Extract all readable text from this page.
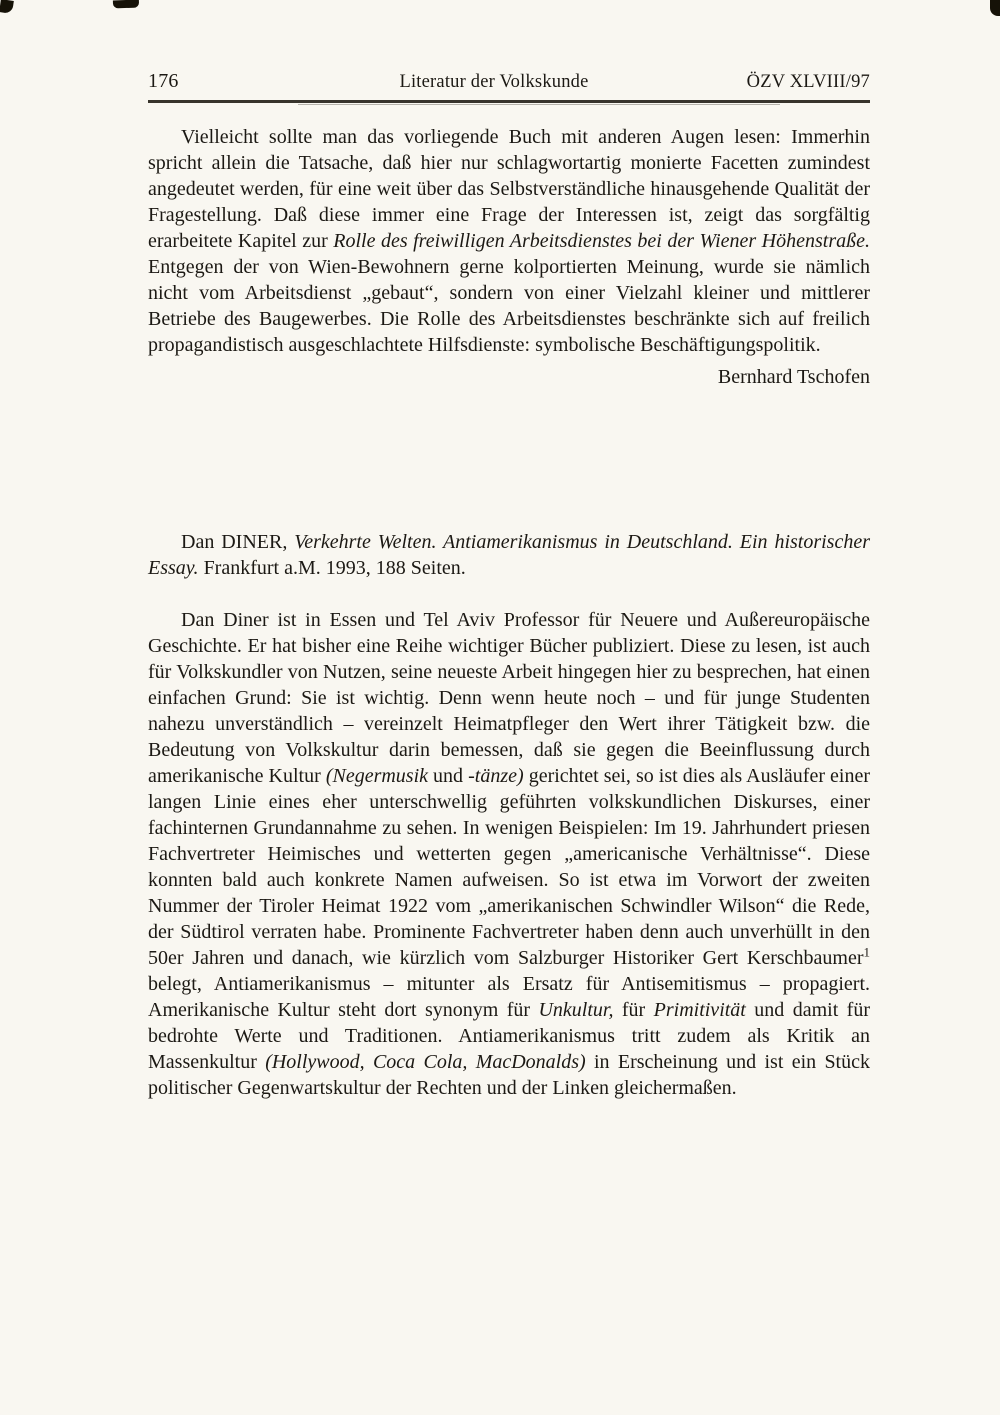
176	Literatur der Volkskunde	ÖZV XLVIII/97

Vielleicht sollte man das vorliegende Buch mit anderen Augen lesen: Immerhin spricht allein die Tatsache, daß hier nur schlagwortartig monierte Facetten zumindest angedeutet werden, für eine weit über das Selbstverständliche hinausgehende Qualität der Fragestellung. Daß diese immer eine Frage der Interessen ist, zeigt das sorgfältig erarbeitete Kapitel zur Rolle des freiwilligen Arbeitsdienstes bei der Wiener Höhenstraße. Entgegen der von Wien-Bewohnern gerne kolportierten Meinung, wurde sie nämlich nicht vom Arbeitsdienst „gebaut“, sondern von einer Vielzahl kleiner und mittlerer Betriebe des Baugewerbes. Die Rolle des Arbeitsdienstes beschränkte sich auf freilich propagandistisch ausgeschlachtete Hilfsdienste: symbolische Beschäftigungspolitik.

Bernhard Tschofen

Dan DINER, Verkehrte Welten. Antiamerikanismus in Deutschland. Ein historischer Essay. Frankfurt a.M. 1993, 188 Seiten.

Dan Diner ist in Essen und Tel Aviv Professor für Neuere und Außereuropäische Geschichte. Er hat bisher eine Reihe wichtiger Bücher publiziert. Diese zu lesen, ist auch für Volkskundler von Nutzen, seine neueste Arbeit hingegen hier zu besprechen, hat einen einfachen Grund: Sie ist wichtig. Denn wenn heute noch – und für junge Studenten nahezu unverständlich – vereinzelt Heimatpfleger den Wert ihrer Tätigkeit bzw. die Bedeutung von Volkskultur darin bemessen, daß sie gegen die Beeinflussung durch amerikanische Kultur (Negermusik und -tänze) gerichtet sei, so ist dies als Ausläufer einer langen Linie eines eher unterschwellig geführten volkskundlichen Diskurses, einer fachinternen Grundannahme zu sehen. In wenigen Beispielen: Im 19. Jahrhundert priesen Fachvertreter Heimisches und wetterten gegen „americanische Verhältnisse“. Diese konnten bald auch konkrete Namen aufweisen. So ist etwa im Vorwort der zweiten Nummer der Tiroler Heimat 1922 vom „amerikanischen Schwindler Wilson“ die Rede, der Südtirol verraten habe. Prominente Fachvertreter haben denn auch unverhüllt in den 50er Jahren und danach, wie kürzlich vom Salzburger Historiker Gert Kerschbaumer$^1$ belegt, Antiamerikanismus – mitunter als Ersatz für Antisemitismus – propagiert. Amerikanische Kultur steht dort synonym für Unkultur, für Primitivität und damit für bedrohte Werte und Traditionen. Antiamerikanismus tritt zudem als Kritik an Massenkultur (Hollywood, Coca Cola, MacDonalds) in Erscheinung und ist ein Stück politischer Gegenwartskultur der Rechten und der Linken gleichermaßen.
